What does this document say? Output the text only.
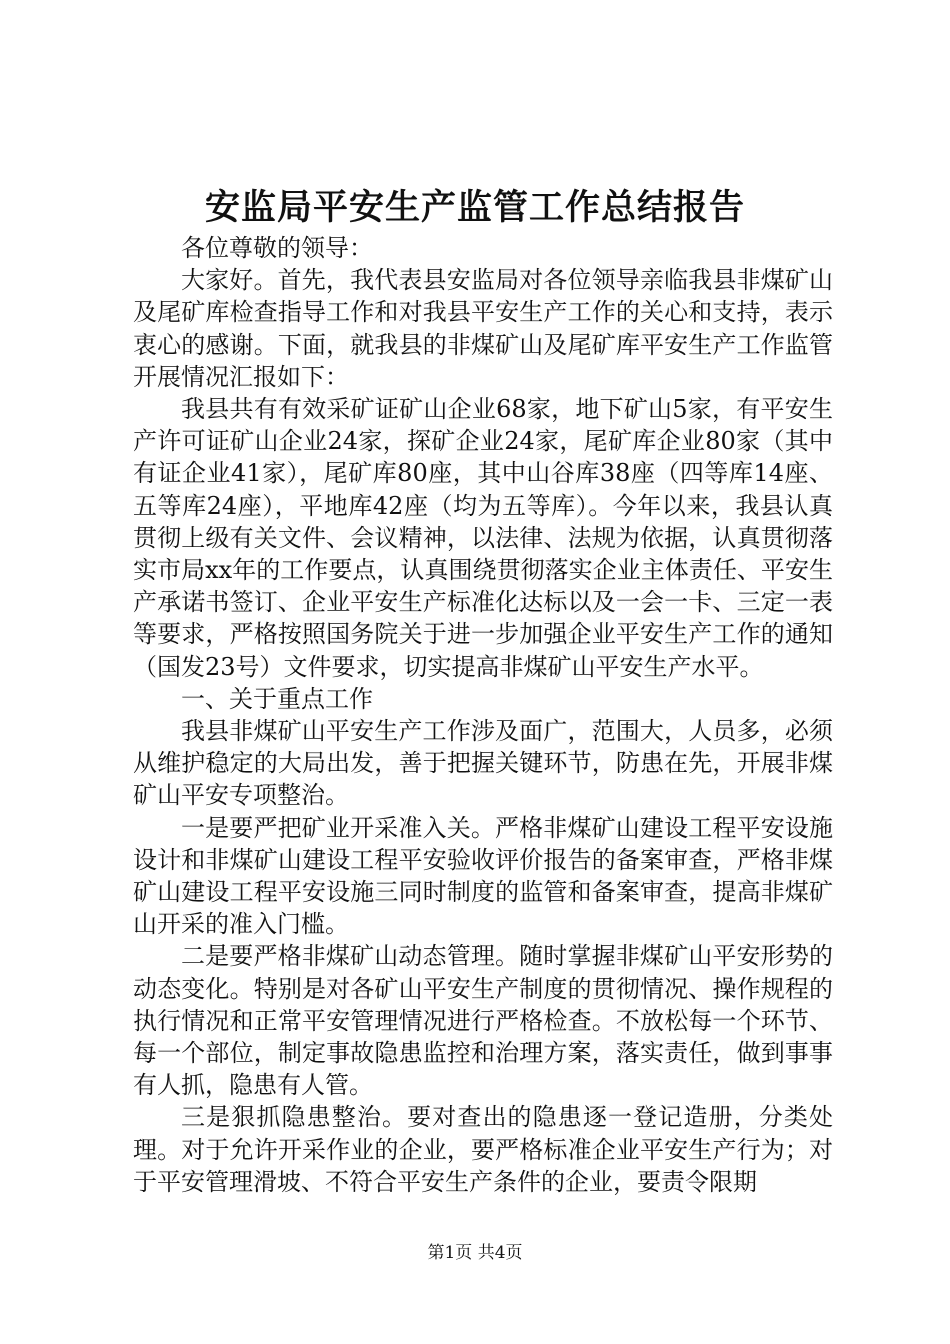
安监局平安生产监管工作总结报告

各位尊敬的领导：

大家好。首先，我代表县安监局对各位领导亲临我县非煤矿山及尾矿库检查指导工作和对我县平安生产工作的关心和支持，表示衷心的感谢。下面，就我县的非煤矿山及尾矿库平安生产工作监管开展情况汇报如下：

我县共有有效采矿证矿山企业68家，地下矿山5家，有平安生产许可证矿山企业24家，探矿企业24家，尾矿库企业80家（其中有证企业41家），尾矿库80座，其中山谷库38座（四等库14座、五等库24座），平地库42座（均为五等库）。今年以来，我县认真贯彻上级有关文件、会议精神，以法律、法规为依据，认真贯彻落实市局xx年的工作要点，认真围绕贯彻落实企业主体责任、平安生产承诺书签订、企业平安生产标准化达标以及一会一卡、三定一表等要求，严格按照国务院关于进一步加强企业平安生产工作的通知（国发23号）文件要求，切实提高非煤矿山平安生产水平。

一、关于重点工作

我县非煤矿山平安生产工作涉及面广，范围大，人员多，必须从维护稳定的大局出发，善于把握关键环节，防患在先，开展非煤矿山平安专项整治。

一是要严把矿业开采准入关。严格非煤矿山建设工程平安设施设计和非煤矿山建设工程平安验收评价报告的备案审查，严格非煤矿山建设工程平安设施三同时制度的监管和备案审查，提高非煤矿山开采的准入门槛。

二是要严格非煤矿山动态管理。随时掌握非煤矿山平安形势的动态变化。特别是对各矿山平安生产制度的贯彻情况、操作规程的执行情况和正常平安管理情况进行严格检查。不放松每一个环节、每一个部位，制定事故隐患监控和治理方案，落实责任，做到事事有人抓，隐患有人管。

三是狠抓隐患整治。要对查出的隐患逐一登记造册，分类处理。对于允许开采作业的企业，要严格标准企业平安生产行为；对于平安管理滑坡、不符合平安生产条件的企业，要责令限期

第1页 共4页
